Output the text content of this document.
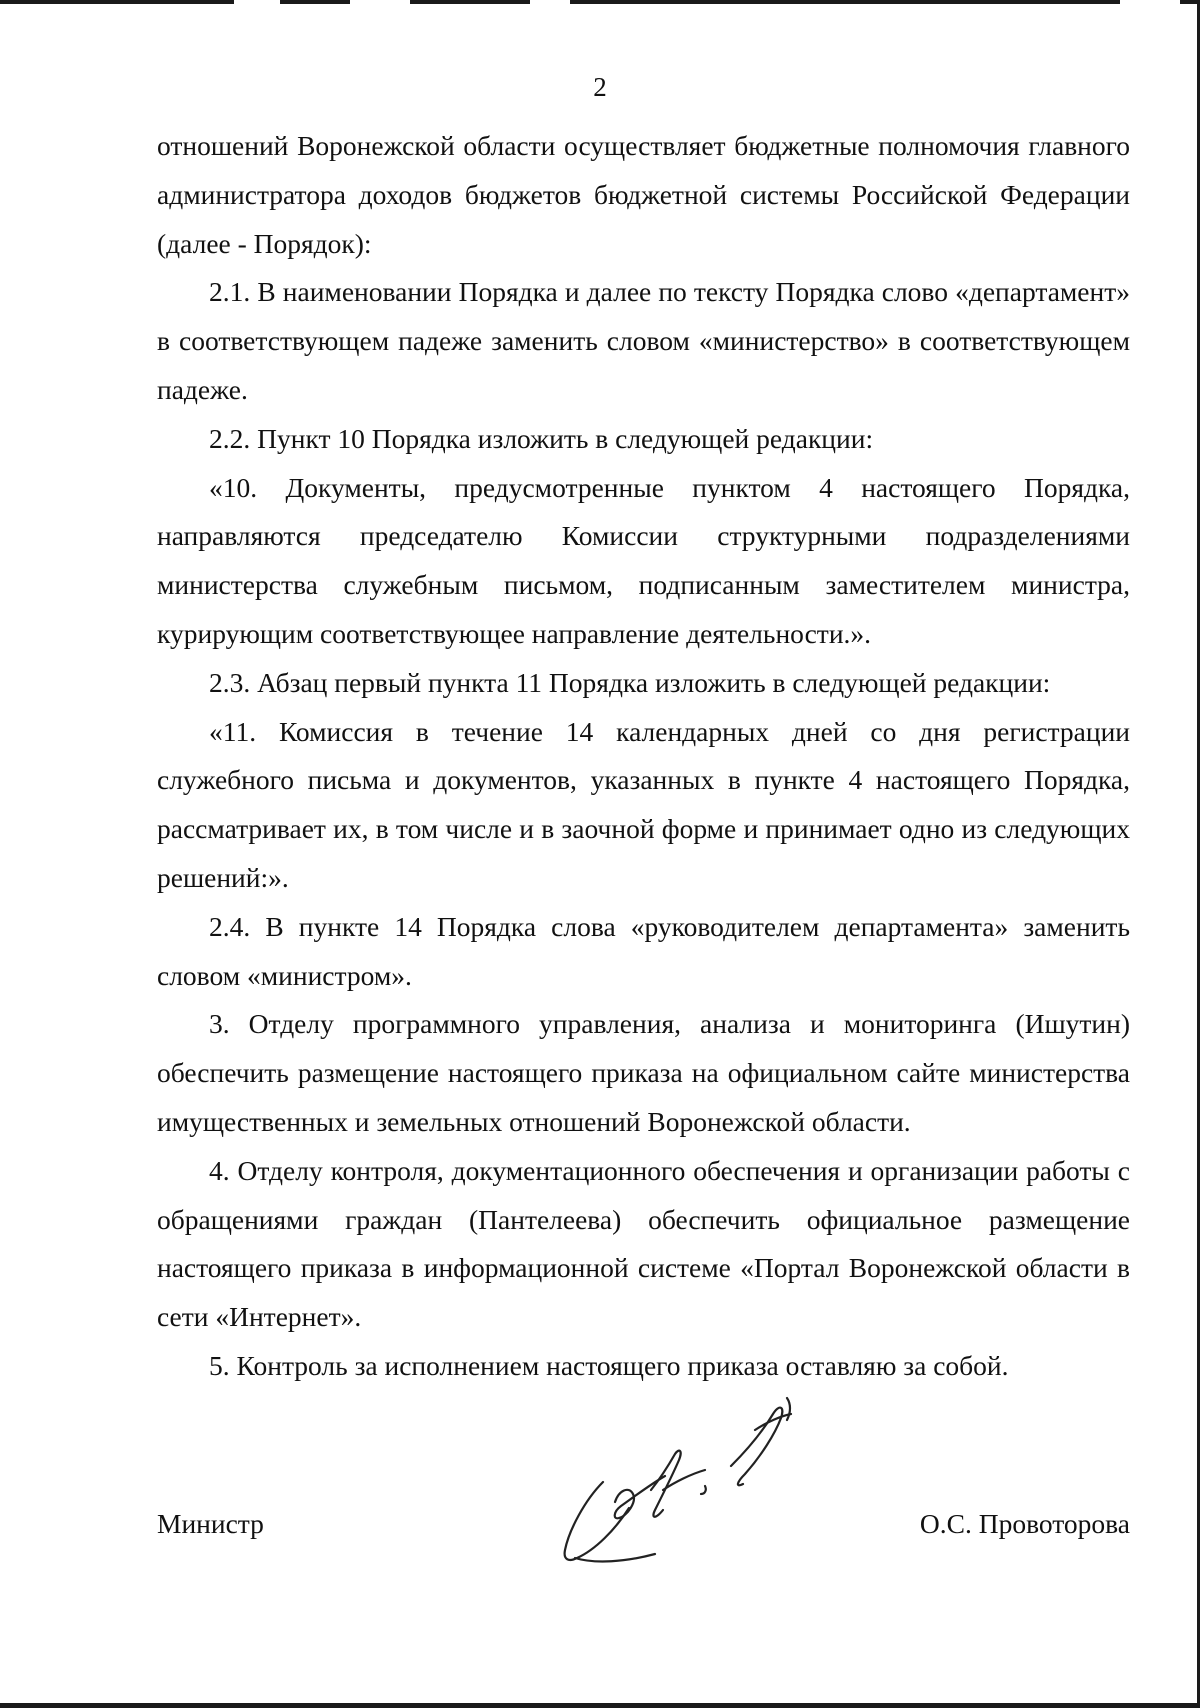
2

отношений Воронежской области осуществляет бюджетные полномочия главного администратора доходов бюджетов бюджетной системы Российской Федерации (далее - Порядок):

2.1. В наименовании Порядка и далее по тексту Порядка слово «департамент» в соответствующем падеже заменить словом «министерство» в соответствующем падеже.

2.2. Пункт 10 Порядка изложить в следующей редакции:

«10. Документы, предусмотренные пунктом 4 настоящего Порядка, направляются председателю Комиссии структурными подразделениями министерства служебным письмом, подписанным заместителем министра, курирующим соответствующее направление деятельности.».

2.3. Абзац первый пункта 11 Порядка изложить в следующей редакции:

«11. Комиссия в течение 14 календарных дней со дня регистрации служебного письма и документов, указанных в пункте 4 настоящего Порядка, рассматривает их, в том числе и в заочной форме и принимает одно из следующих решений:».

2.4. В пункте 14 Порядка слова «руководителем департамента» заменить словом «министром».

3. Отделу программного управления, анализа и мониторинга (Ишутин) обеспечить размещение настоящего приказа на официальном сайте министерства имущественных и земельных отношений Воронежской области.

4. Отделу контроля, документационного обеспечения и организации работы с обращениями граждан (Пантелеева) обеспечить официальное размещение настоящего приказа в информационной системе «Портал Воронежской области в сети «Интернет».

5. Контроль за исполнением настоящего приказа оставляю за собой.

Министр	О.С. Провоторова
